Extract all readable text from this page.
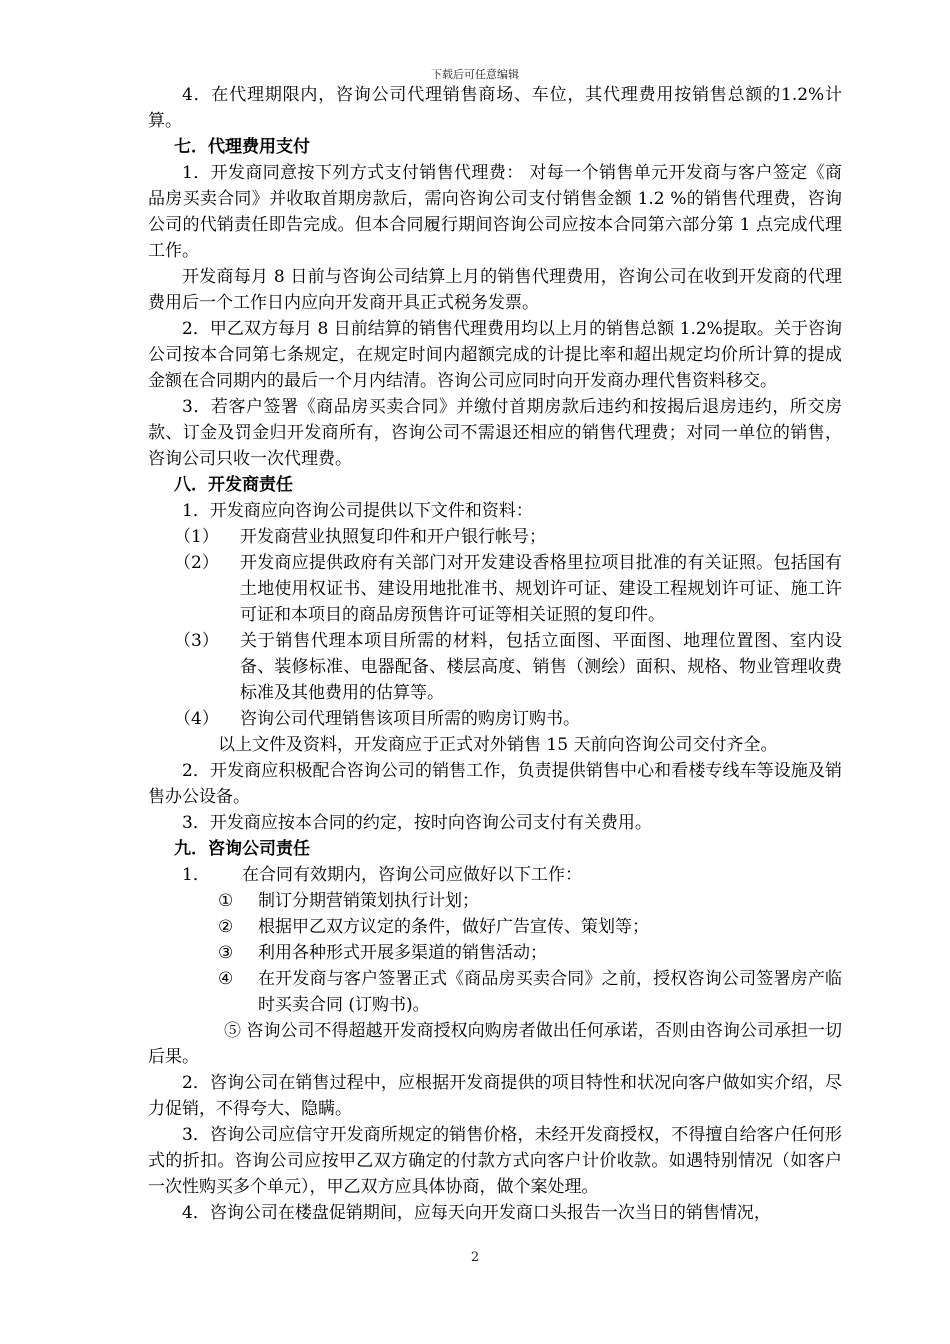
下载后可任意编辑

4．在代理期限内，咨询公司代理销售商场、车位，其代理费用按销售总额的1.2%计算。

七．代理费用支付

1．开发商同意按下列方式支付销售代理费： 对每一个销售单元开发商与客户签定《商品房买卖合同》并收取首期房款后，需向咨询公司支付销售金额 1.2 %的销售代理费，咨询公司的代销责任即告完成。但本合同履行期间咨询公司应按本合同第六部分第 1 点完成代理工作。

开发商每月 8 日前与咨询公司结算上月的销售代理费用，咨询公司在收到开发商的代理费用后一个工作日内应向开发商开具正式税务发票。

2．甲乙双方每月 8 日前结算的销售代理费用均以上月的销售总额 1.2%提取。关于咨询公司按本合同第七条规定，在规定时间内超额完成的计提比率和超出规定均价所计算的提成金额在合同期内的最后一个月内结清。咨询公司应同时向开发商办理代售资料移交。

3．若客户签署《商品房买卖合同》并缴付首期房款后违约和按揭后退房违约，所交房款、订金及罚金归开发商所有，咨询公司不需退还相应的销售代理费；对同一单位的销售，咨询公司只收一次代理费。

八．开发商责任

1．开发商应向咨询公司提供以下文件和资料：

（1）	开发商营业执照复印件和开户银行帐号；
（2）	开发商应提供政府有关部门对开发建设香格里拉项目批准的有关证照。包括国有土地使用权证书、建设用地批准书、规划许可证、建设工程规划许可证、施工许可证和本项目的商品房预售许可证等相关证照的复印件。
（3）	关于销售代理本项目所需的材料，包括立面图、平面图、地理位置图、室内设备、装修标准、电器配备、楼层高度、销售（测绘）面积、规格、物业管理收费标准及其他费用的估算等。
（4）	咨询公司代理销售该项目所需的购房订购书。

以上文件及资料，开发商应于正式对外销售 15 天前向咨询公司交付齐全。

2．开发商应积极配合咨询公司的销售工作，负责提供销售中心和看楼专线车等设施及销售办公设备。

3．开发商应按本合同的约定，按时向咨询公司支付有关费用。

九．咨询公司责任

1．	在合同有效期内，咨询公司应做好以下工作：
①	制订分期营销策划执行计划；
②	根据甲乙双方议定的条件，做好广告宣传、策划等；
③	利用各种形式开展多渠道的销售活动；
④	在开发商与客户签署正式《商品房买卖合同》之前，授权咨询公司签署房产临时买卖合同 (订购书)。

⑤ 咨询公司不得超越开发商授权向购房者做出任何承诺，否则由咨询公司承担一切后果。

2．咨询公司在销售过程中，应根据开发商提供的项目特性和状况向客户做如实介绍，尽力促销，不得夸大、隐瞒。

3．咨询公司应信守开发商所规定的销售价格，未经开发商授权，不得擅自给客户任何形式的折扣。咨询公司应按甲乙双方确定的付款方式向客户计价收款。如遇特别情况（如客户一次性购买多个单元），甲乙双方应具体协商，做个案处理。

4．咨询公司在楼盘促销期间，应每天向开发商口头报告一次当日的销售情况，

2
